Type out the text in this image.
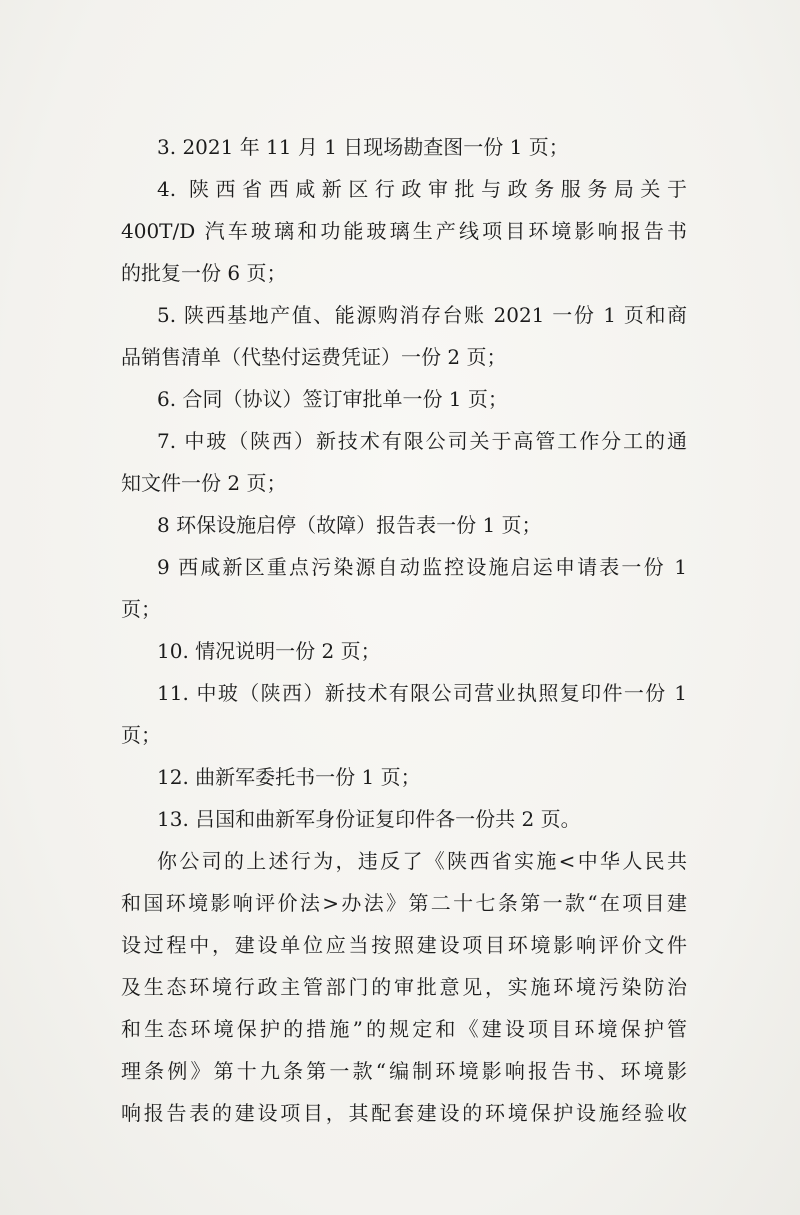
3. 2021 年 11 月 1 日现场勘查图一份 1 页；
4. 陕西省西咸新区行政审批与政务服务局关于
400T/D 汽车玻璃和功能玻璃生产线项目环境影响报告书
的批复一份 6 页；
5. 陕西基地产值、能源购消存台账 2021 一份 1 页和商
品销售清单（代垫付运费凭证）一份 2 页；
6. 合同（协议）签订审批单一份 1 页；
7. 中玻（陕西）新技术有限公司关于高管工作分工的通
知文件一份 2 页；
8 环保设施启停（故障）报告表一份 1 页；
9 西咸新区重点污染源自动监控设施启运申请表一份 1
页；
10. 情况说明一份 2 页；
11. 中玻（陕西）新技术有限公司营业执照复印件一份 1
页；
12. 曲新军委托书一份 1 页；
13. 吕国和曲新军身份证复印件各一份共 2 页。
你公司的上述行为，违反了《陕西省实施<中华人民共
和国环境影响评价法>办法》第二十七条第一款“在项目建
设过程中，建设单位应当按照建设项目环境影响评价文件
及生态环境行政主管部门的审批意见，实施环境污染防治
和生态环境保护的措施”的规定和《建设项目环境保护管
理条例》第十九条第一款“编制环境影响报告书、环境影
响报告表的建设项目，其配套建设的环境保护设施经验收
